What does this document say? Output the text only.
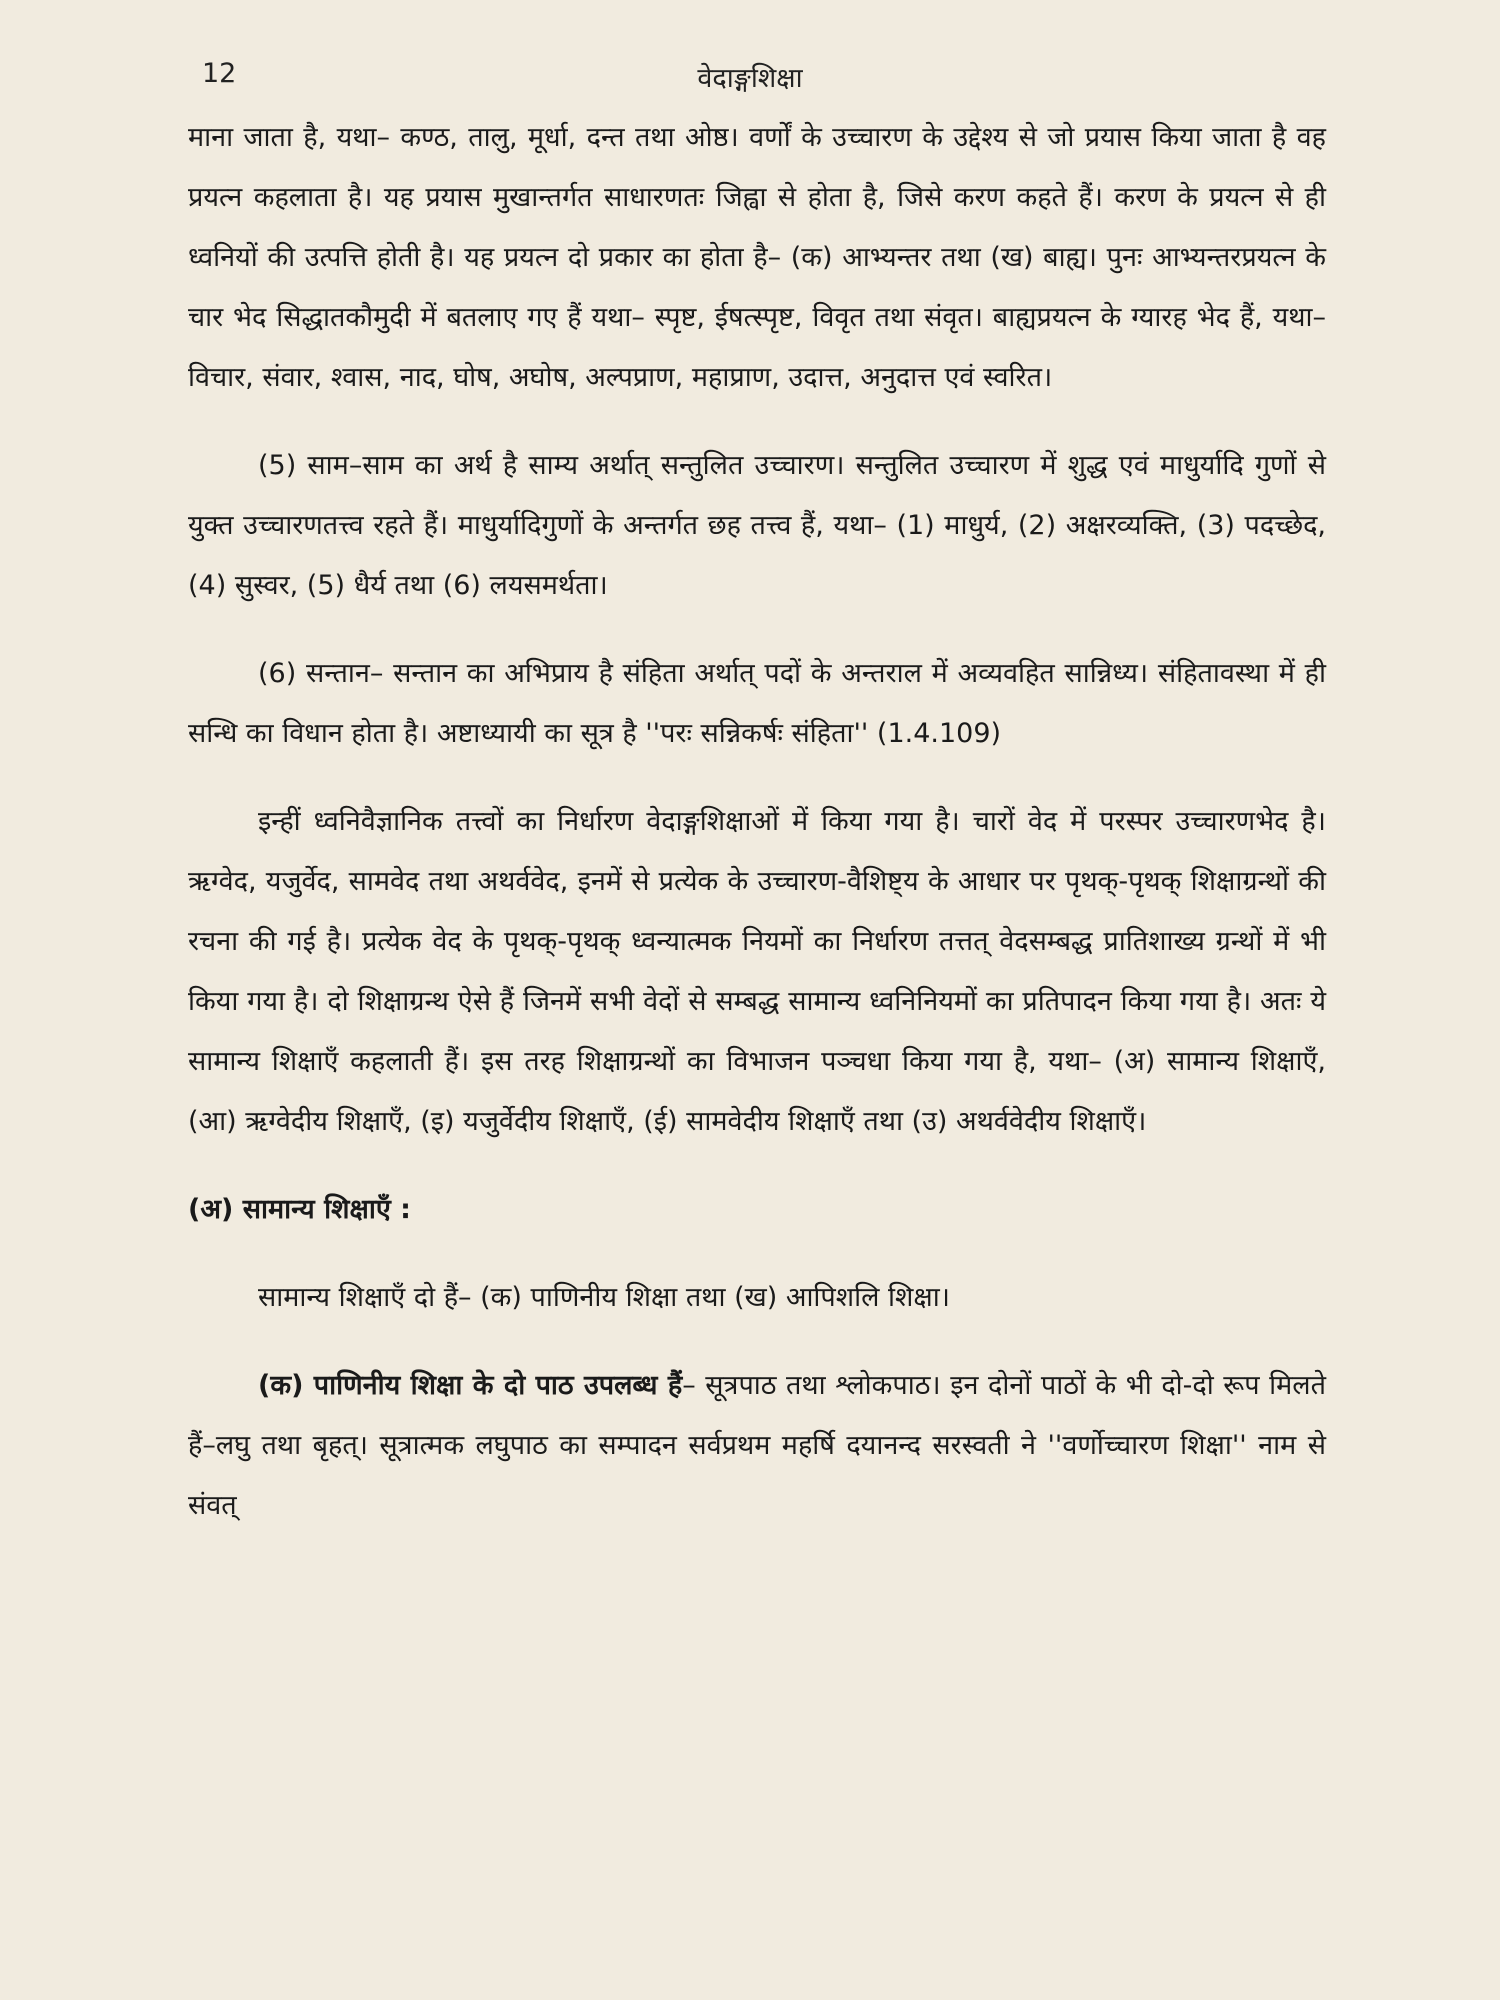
12	वेदाङ्गशिक्षा

माना जाता है, यथा– कण्ठ, तालु, मूर्धा, दन्त तथा ओष्ठ। वर्णों के उच्चारण के उद्देश्य से जो प्रयास किया जाता है वह प्रयत्न कहलाता है। यह प्रयास मुखान्तर्गत साधारणतः जिह्वा से होता है, जिसे करण कहते हैं। करण के प्रयत्न से ही ध्वनियों की उत्पत्ति होती है। यह प्रयत्न दो प्रकार का होता है– (क) आभ्यन्तर तथा (ख) बाह्य। पुनः आभ्यन्तरप्रयत्न के चार भेद सिद्धातकौमुदी में बतलाए गए हैं यथा– स्पृष्ट, ईषत्स्पृष्ट, विवृत तथा संवृत। बाह्यप्रयत्न के ग्यारह भेद हैं, यथा– विचार, संवार, श्वास, नाद, घोष, अघोष, अल्पप्राण, महाप्राण, उदात्त, अनुदात्त एवं स्वरित।

(5) साम–साम का अर्थ है साम्य अर्थात् सन्तुलित उच्चारण। सन्तुलित उच्चारण में शुद्ध एवं माधुर्यादि गुणों से युक्त उच्चारणतत्त्व रहते हैं। माधुर्यादिगुणों के अन्तर्गत छह तत्त्व हैं, यथा– (1) माधुर्य, (2) अक्षरव्यक्ति, (3) पदच्छेद, (4) सुस्वर, (5) धैर्य तथा (6) लयसमर्थता।

(6) सन्तान– सन्तान का अभिप्राय है संहिता अर्थात् पदों के अन्तराल में अव्यवहित सान्निध्य। संहितावस्था में ही सन्धि का विधान होता है। अष्टाध्यायी का सूत्र है ''परः सन्निकर्षः संहिता'' (1.4.109)

इन्हीं ध्वनिवैज्ञानिक तत्त्वों का निर्धारण वेदाङ्गशिक्षाओं में किया गया है। चारों वेद में परस्पर उच्चारणभेद है। ऋग्वेद, यजुर्वेद, सामवेद तथा अथर्ववेद, इनमें से प्रत्येक के उच्चारण-वैशिष्ट्य के आधार पर पृथक्-पृथक् शिक्षाग्रन्थों की रचना की गई है। प्रत्येक वेद के पृथक्-पृथक् ध्वन्यात्मक नियमों का निर्धारण तत्तत् वेदसम्बद्ध प्रातिशाख्य ग्रन्थों में भी किया गया है। दो शिक्षाग्रन्थ ऐसे हैं जिनमें सभी वेदों से सम्बद्ध सामान्य ध्वनिनियमों का प्रतिपादन किया गया है। अतः ये सामान्य शिक्षाएँ कहलाती हैं। इस तरह शिक्षाग्रन्थों का विभाजन पञ्चधा किया गया है, यथा– (अ) सामान्य शिक्षाएँ, (आ) ऋग्वेदीय शिक्षाएँ, (इ) यजुर्वेदीय शिक्षाएँ, (ई) सामवेदीय शिक्षाएँ तथा (उ) अथर्ववेदीय शिक्षाएँ।

(अ) सामान्य शिक्षाएँ :

सामान्य शिक्षाएँ दो हैं– (क) पाणिनीय शिक्षा तथा (ख) आपिशलि शिक्षा।

(क) पाणिनीय शिक्षा के दो पाठ उपलब्ध हैं– सूत्रपाठ तथा श्लोकपाठ। इन दोनों पाठों के भी दो-दो रूप मिलते हैं–लघु तथा बृहत्। सूत्रात्मक लघुपाठ का सम्पादन सर्वप्रथम महर्षि दयानन्द सरस्वती ने ''वर्णोच्चारण शिक्षा'' नाम से संवत्
